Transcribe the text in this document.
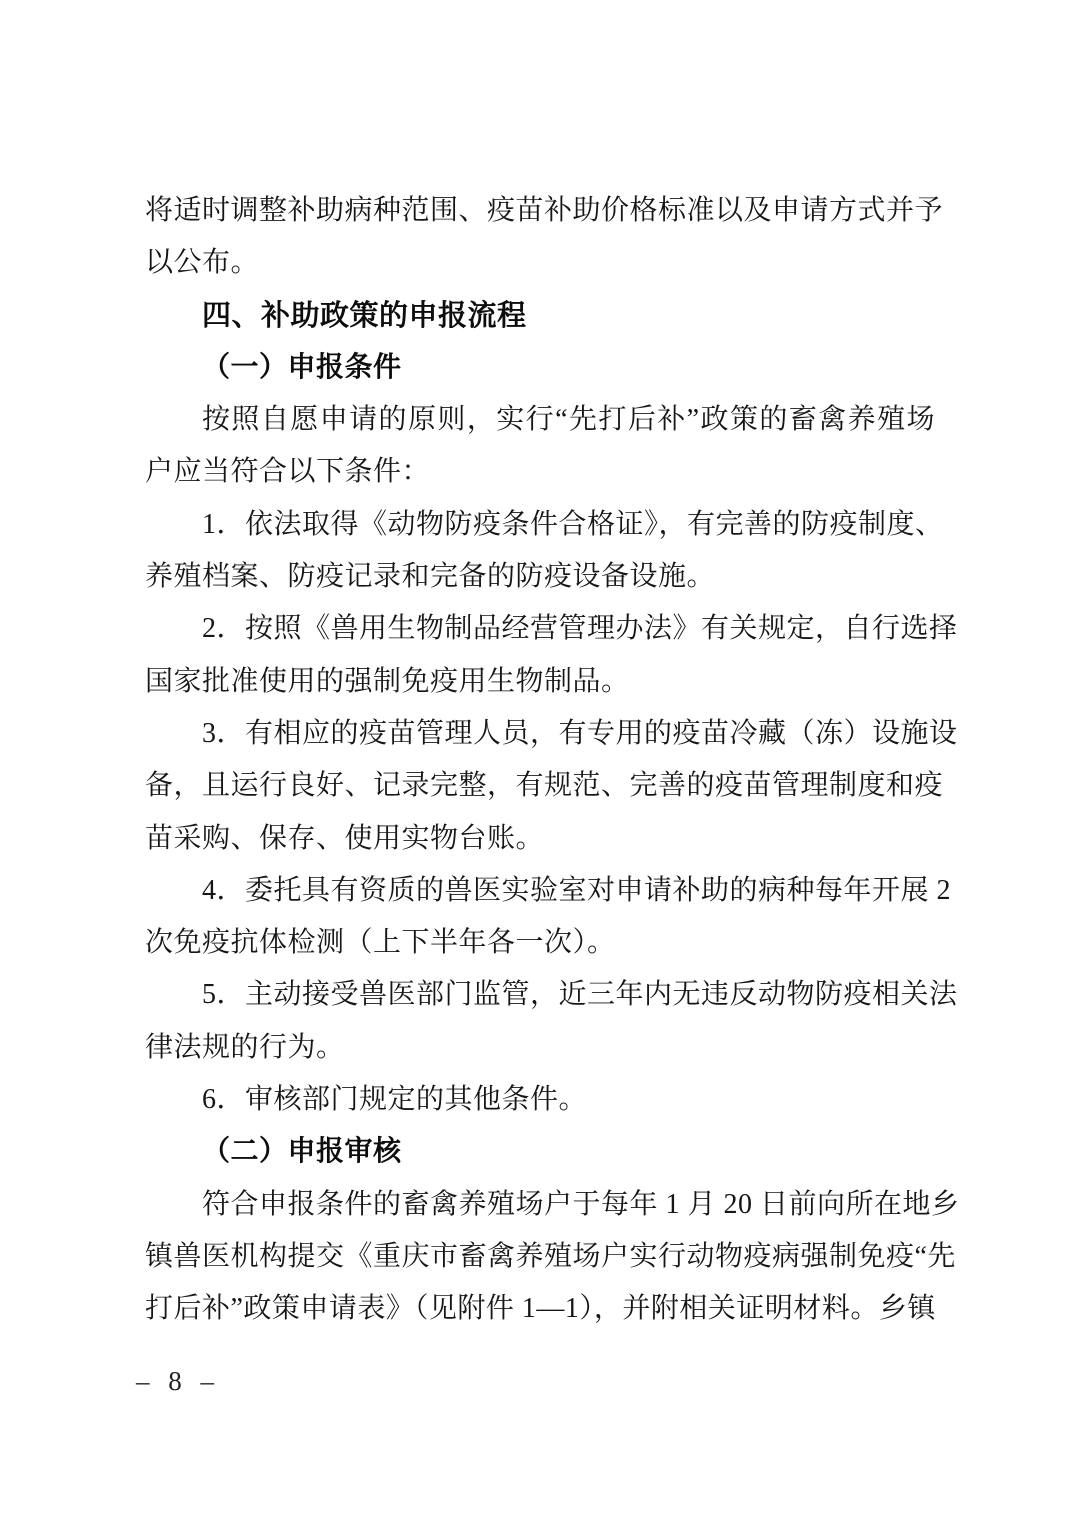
将适时调整补助病种范围、疫苗补助价格标准以及申请方式并予
以公布。
四、补助政策的申报流程
（一）申报条件
按照自愿申请的原则，实行“先打后补”政策的畜禽养殖场
户应当符合以下条件：
1．依法取得《动物防疫条件合格证》，有完善的防疫制度、
养殖档案、防疫记录和完备的防疫设备设施。
2．按照《兽用生物制品经营管理办法》有关规定，自行选择
国家批准使用的强制免疫用生物制品。
3．有相应的疫苗管理人员，有专用的疫苗冷藏（冻）设施设
备，且运行良好、记录完整，有规范、完善的疫苗管理制度和疫
苗采购、保存、使用实物台账。
4．委托具有资质的兽医实验室对申请补助的病种每年开展 2
次免疫抗体检测（上下半年各一次）。
5．主动接受兽医部门监管，近三年内无违反动物防疫相关法
律法规的行为。
6．审核部门规定的其他条件。
（二）申报审核
符合申报条件的畜禽养殖场户于每年 1 月 20 日前向所在地乡
镇兽医机构提交《重庆市畜禽养殖场户实行动物疫病强制免疫“先
打后补”政策申请表》（见附件 1—1），并附相关证明材料。乡镇
– 8 –
